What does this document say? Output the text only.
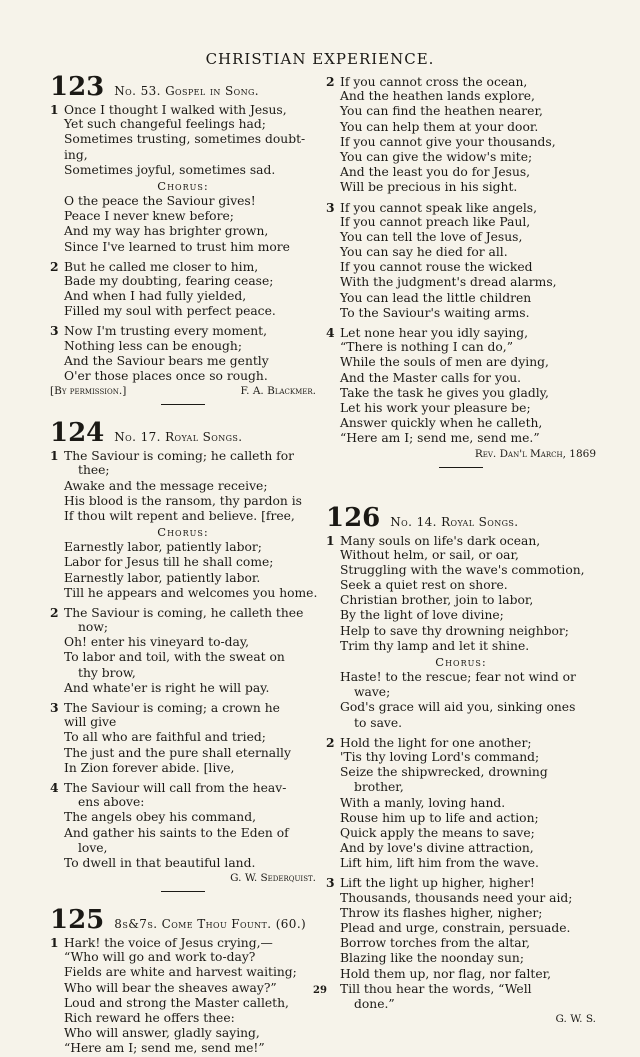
CHRISTIAN EXPERIENCE.
123 No. 53. Gospel in Song.
1 Once I thought I walked with Jesus,
Yet such changeful feelings had;
Sometimes trusting, sometimes doubt-
ing,
Sometimes joyful, sometimes sad.
Chorus:
O the peace the Saviour gives!
Peace I never knew before;
And my way has brighter grown,
Since I've learned to trust him more
2 But he called me closer to him,
Bade my doubting, fearing cease;
And when I had fully yielded,
Filled my soul with perfect peace.
3 Now I'm trusting every moment,
Nothing less can be enough;
And the Saviour bears me gently
O'er those places once so rough.
[By permission.]	F. A. Blackmer.
124 No. 17. Royal Songs.
1 The Saviour is coming; he calleth for
thee;
Awake and the message receive;
His blood is the ransom, thy pardon is
If thou wilt repent and believe. [free,
Chorus:
Earnestly labor, patiently labor;
Labor for Jesus till he shall come;
Earnestly labor, patiently labor.
Till he appears and welcomes you home.
2 The Saviour is coming, he calleth thee
now;
Oh! enter his vineyard to-day,
To labor and toil, with the sweat on
thy brow,
And whate'er is right he will pay.
3 The Saviour is coming; a crown he
will give
To all who are faithful and tried;
The just and the pure shall eternally
In Zion forever abide. [live,
4 The Saviour will call from the heav-
ens above:
The angels obey his command,
And gather his saints to the Eden of
love,
To dwell in that beautiful land.
G. W. Sederquist.
125 8s&7s. Come Thou Fount. (60.)
1 Hark! the voice of Jesus crying,—
“Who will go and work to-day?
Fields are white and harvest waiting;
Who will bear the sheaves away?”
Loud and strong the Master calleth,
Rich reward he offers thee:
Who will answer, gladly saying,
“Here am I; send me, send me!”
2 If you cannot cross the ocean,
And the heathen lands explore,
You can find the heathen nearer,
You can help them at your door.
If you cannot give your thousands,
You can give the widow's mite;
And the least you do for Jesus,
Will be precious in his sight.
3 If you cannot speak like angels,
If you cannot preach like Paul,
You can tell the love of Jesus,
You can say he died for all.
If you cannot rouse the wicked
With the judgment's dread alarms,
You can lead the little children
To the Saviour's waiting arms.
4 Let none hear you idly saying,
“There is nothing I can do,”
While the souls of men are dying,
And the Master calls for you.
Take the task he gives you gladly,
Let his work your pleasure be;
Answer quickly when he calleth,
“Here am I; send me, send me.”
Rev. Dan'l March, 1869
126 No. 14. Royal Songs.
1 Many souls on life's dark ocean,
Without helm, or sail, or oar,
Struggling with the wave's commotion,
Seek a quiet rest on shore.
Christian brother, join to labor,
By the light of love divine;
Help to save thy drowning neighbor;
Trim thy lamp and let it shine.
Chorus:
Haste! to the rescue; fear not wind or
wave;
God's grace will aid you, sinking ones
to save.
2 Hold the light for one another;
'Tis thy loving Lord's command;
Seize the shipwrecked, drowning
brother,
With a manly, loving hand.
Rouse him up to life and action;
Quick apply the means to save;
And by love's divine attraction,
Lift him, lift him from the wave.
3 Lift the light up higher, higher!
Thousands, thousands need your aid;
Throw its flashes higher, nigher;
Plead and urge, constrain, persuade.
Borrow torches from the altar,
Blazing like the noonday sun;
Hold them up, nor flag, nor falter,
Till thou hear the words, “Well
done.”
G. W. S.
29
